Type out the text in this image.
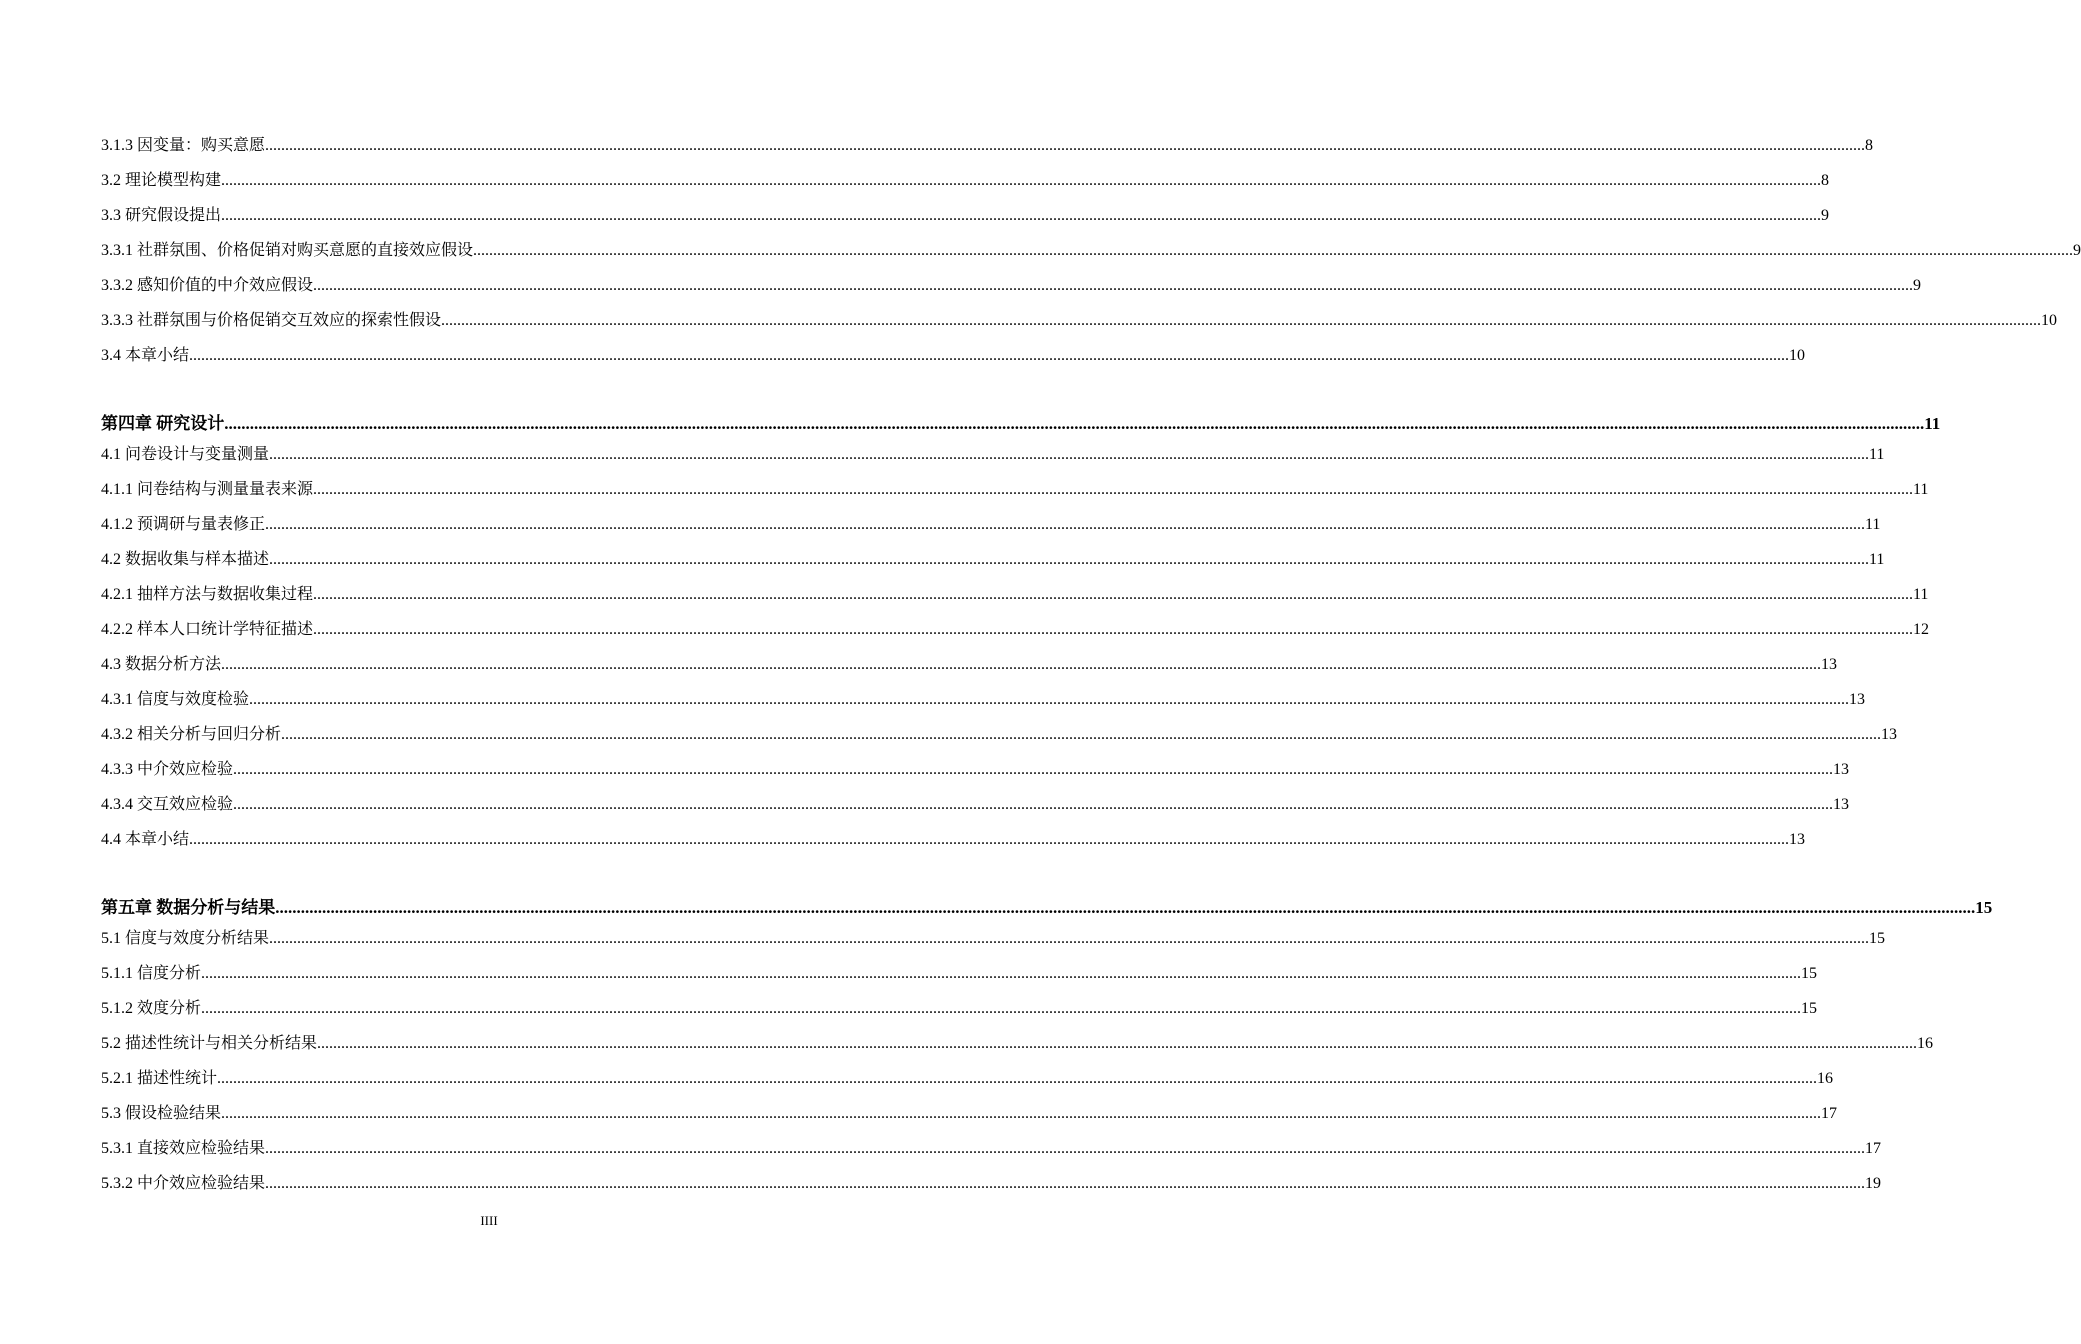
3.1.3 因变量：购买意愿 ................................................................................................................................................................................................................................................................................................................................................................................................................ 8
3.2 理论模型构建 ................................................................................................................................................................................................................................................................................................................................................................................................................ 8
3.3 研究假设提出 ................................................................................................................................................................................................................................................................................................................................................................................................................ 9
3.3.1 社群氛围、价格促销对购买意愿的直接效应假设 ................................................................................................................................................................................................................................................................................................................................................................................................................ 9
3.3.2 感知价值的中介效应假设 ................................................................................................................................................................................................................................................................................................................................................................................................................ 9
3.3.3 社群氛围与价格促销交互效应的探索性假设 ................................................................................................................................................................................................................................................................................................................................................................................................................ 10
3.4 本章小结 ................................................................................................................................................................................................................................................................................................................................................................................................................ 10
第四章 研究设计 ................................................................................................................................................................................................................................................................................................................................................................................................................ 11
4.1 问卷设计与变量测量 ................................................................................................................................................................................................................................................................................................................................................................................................................ 11
4.1.1 问卷结构与测量量表来源 ................................................................................................................................................................................................................................................................................................................................................................................................................ 11
4.1.2 预调研与量表修正 ................................................................................................................................................................................................................................................................................................................................................................................................................ 11
4.2 数据收集与样本描述 ................................................................................................................................................................................................................................................................................................................................................................................................................ 11
4.2.1 抽样方法与数据收集过程 ................................................................................................................................................................................................................................................................................................................................................................................................................ 11
4.2.2 样本人口统计学特征描述 ................................................................................................................................................................................................................................................................................................................................................................................................................ 12
4.3 数据分析方法 ................................................................................................................................................................................................................................................................................................................................................................................................................ 13
4.3.1 信度与效度检验 ................................................................................................................................................................................................................................................................................................................................................................................................................ 13
4.3.2 相关分析与回归分析 ................................................................................................................................................................................................................................................................................................................................................................................................................ 13
4.3.3 中介效应检验 ................................................................................................................................................................................................................................................................................................................................................................................................................ 13
4.3.4 交互效应检验 ................................................................................................................................................................................................................................................................................................................................................................................................................ 13
4.4 本章小结 ................................................................................................................................................................................................................................................................................................................................................................................................................ 13
第五章 数据分析与结果 ................................................................................................................................................................................................................................................................................................................................................................................................................ 15
5.1 信度与效度分析结果 ................................................................................................................................................................................................................................................................................................................................................................................................................ 15
5.1.1 信度分析 ................................................................................................................................................................................................................................................................................................................................................................................................................ 15
5.1.2 效度分析 ................................................................................................................................................................................................................................................................................................................................................................................................................ 15
5.2 描述性统计与相关分析结果 ................................................................................................................................................................................................................................................................................................................................................................................................................ 16
5.2.1 描述性统计 ................................................................................................................................................................................................................................................................................................................................................................................................................ 16
5.3 假设检验结果 ................................................................................................................................................................................................................................................................................................................................................................................................................ 17
5.3.1 直接效应检验结果 ................................................................................................................................................................................................................................................................................................................................................................................................................ 17
5.3.2 中介效应检验结果 ................................................................................................................................................................................................................................................................................................................................................................................................................ 19
IIII
